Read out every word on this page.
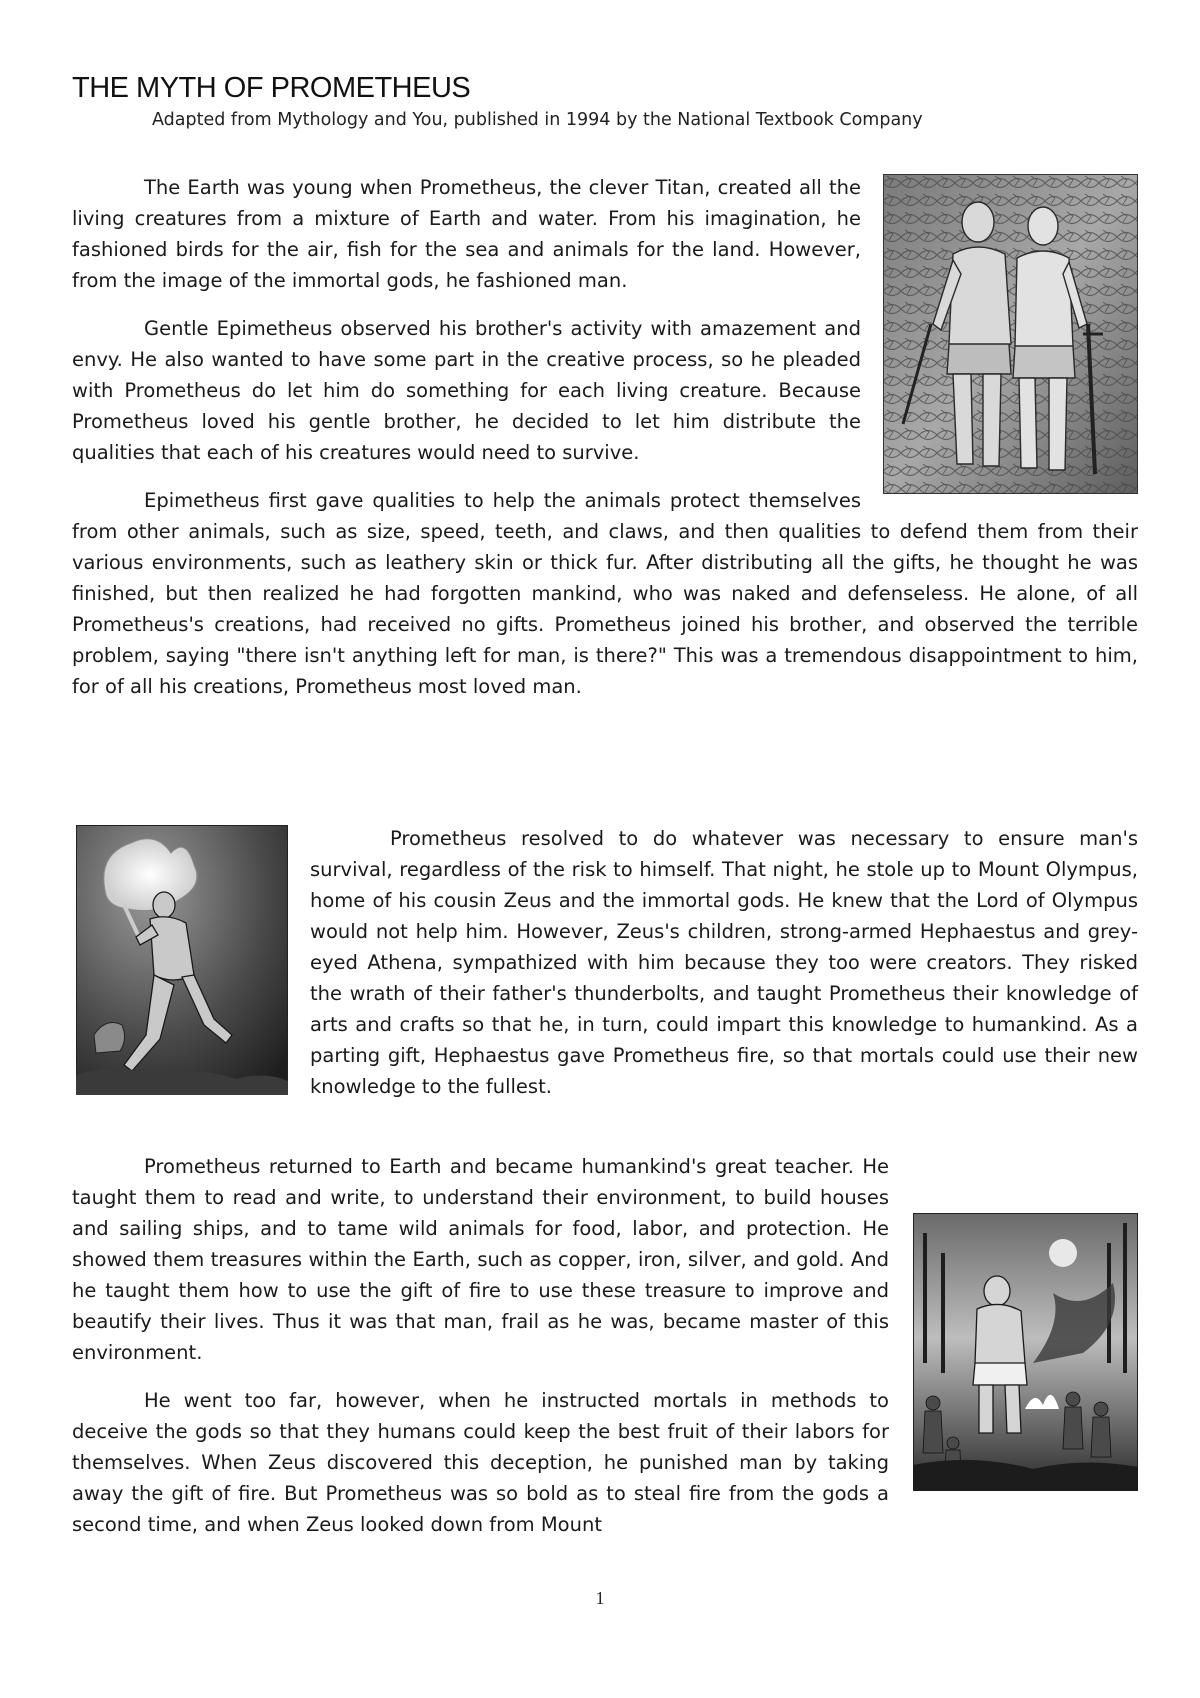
THE MYTH OF PROMETHEUS
Adapted from Mythology and You, published in 1994 by the National Textbook Company

The Earth was young when Prometheus, the clever Titan, created all the living creatures from a mixture of Earth and water. From his imagination, he fashioned birds for the air, fish for the sea and animals for the land. However, from the image of the immortal gods, he fashioned man.

Gentle Epimetheus observed his brother's activity with amazement and envy. He also wanted to have some part in the creative process, so he pleaded with Prometheus do let him do something for each living creature. Because Prometheus loved his gentle brother, he decided to let him distribute the qualities that each of his creatures would need to survive.

Epimetheus first gave qualities to help the animals protect themselves from other animals, such as size, speed, teeth, and claws, and then qualities to defend them from their various environments, such as leathery skin or thick fur. After distributing all the gifts, he thought he was finished, but then realized he had forgotten mankind, who was naked and defenseless. He alone, of all Prometheus's creations, had received no gifts. Prometheus joined his brother, and observed the terrible problem, saying "there isn't anything left for man, is there?" This was a tremendous disappointment to him, for of all his creations, Prometheus most loved man.

Prometheus resolved to do whatever was necessary to ensure man's survival, regardless of the risk to himself. That night, he stole up to Mount Olympus, home of his cousin Zeus and the immortal gods. He knew that the Lord of Olympus would not help him. However, Zeus's children, strong-armed Hephaestus and grey-eyed Athena, sympathized with him because they too were creators. They risked the wrath of their father's thunderbolts, and taught Prometheus their knowledge of arts and crafts so that he, in turn, could impart this knowledge to humankind. As a parting gift, Hephaestus gave Prometheus fire, so that mortals could use their new knowledge to the fullest.

Prometheus returned to Earth and became humankind's great teacher. He taught them to read and write, to understand their environment, to build houses and sailing ships, and to tame wild animals for food, labor, and protection. He showed them treasures within the Earth, such as copper, iron, silver, and gold. And he taught them how to use the gift of fire to use these treasure to improve and beautify their lives. Thus it was that man, frail as he was, became master of this environment.

He went too far, however, when he instructed mortals in methods to deceive the gods so that they humans could keep the best fruit of their labors for themselves. When Zeus discovered this deception, he punished man by taking away the gift of fire. But Prometheus was so bold as to steal fire from the gods a second time, and when Zeus looked down from Mount

1
